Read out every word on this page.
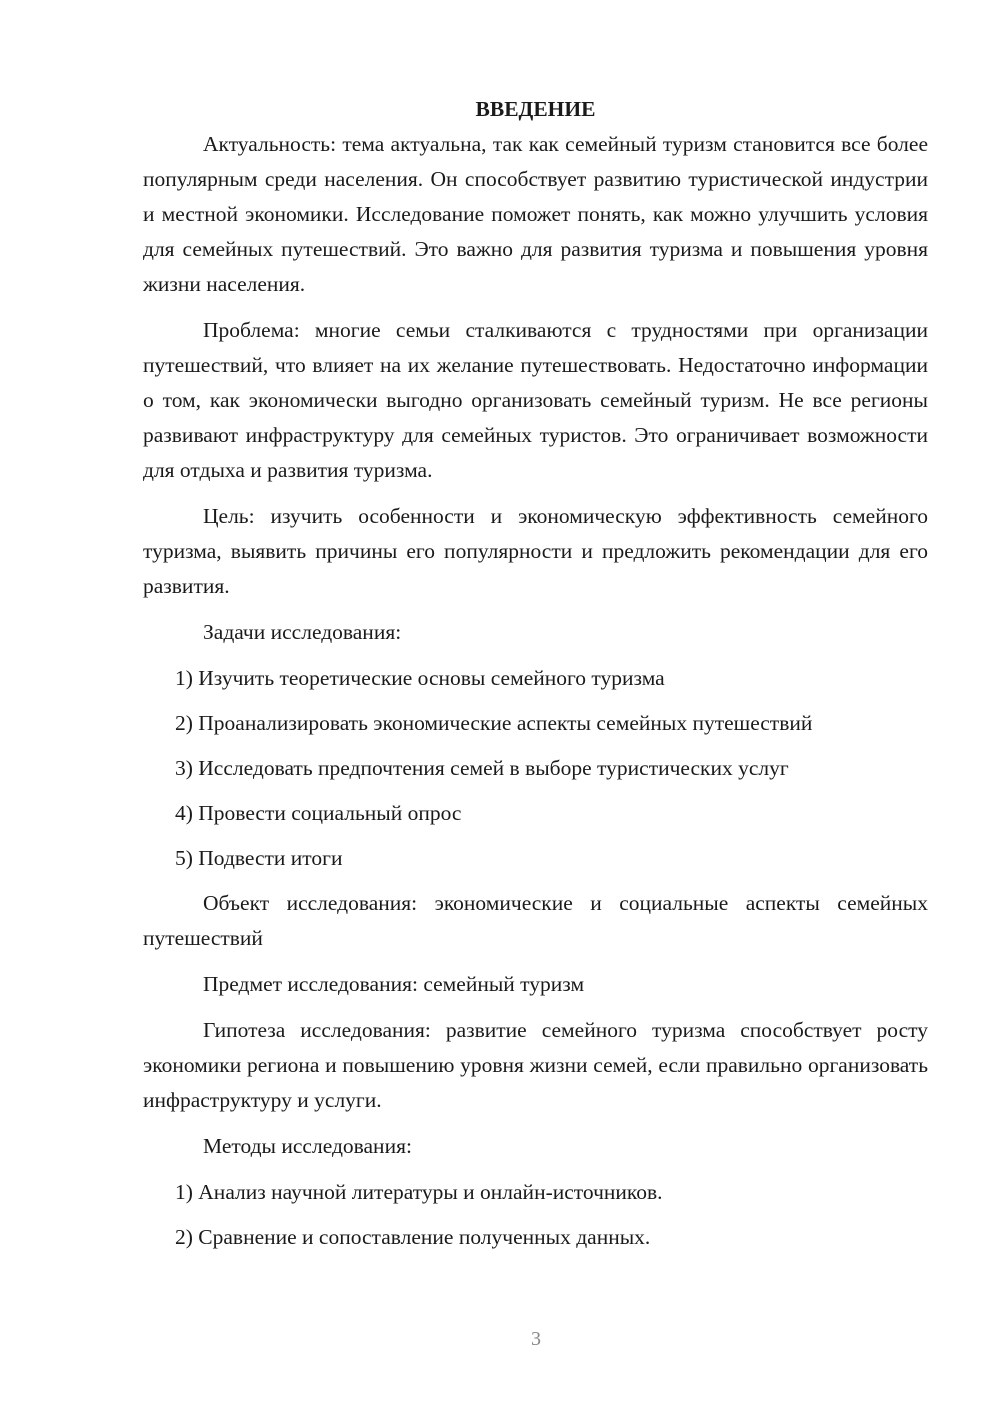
ВВЕДЕНИЕ

Актуальность: тема актуальна, так как семейный туризм становится все более популярным среди населения. Он способствует развитию туристической индустрии и местной экономики. Исследование поможет понять, как можно улучшить условия для семейных путешествий. Это важно для развития туризма и повышения уровня жизни населения.

Проблема: многие семьи сталкиваются с трудностями при организации путешествий, что влияет на их желание путешествовать. Недостаточно информации о том, как экономически выгодно организовать семейный туризм. Не все регионы развивают инфраструктуру для семейных туристов. Это ограничивает возможности для отдыха и развития туризма.

Цель: изучить особенности и экономическую эффективность семейного туризма, выявить причины его популярности и предложить рекомендации для его развития.

Задачи исследования:

1) Изучить теоретические основы семейного туризма

2) Проанализировать экономические аспекты семейных путешествий

3) Исследовать предпочтения семей в выборе туристических услуг

4) Провести социальный опрос

5) Подвести итоги

Объект исследования: экономические и социальные аспекты семейных путешествий

Предмет исследования: семейный туризм

Гипотеза исследования: развитие семейного туризма способствует росту экономики региона и повышению уровня жизни семей, если правильно организовать инфраструктуру и услуги.

Методы исследования:

1) Анализ научной литературы и онлайн-источников.

2) Сравнение и сопоставление полученных данных.

3
